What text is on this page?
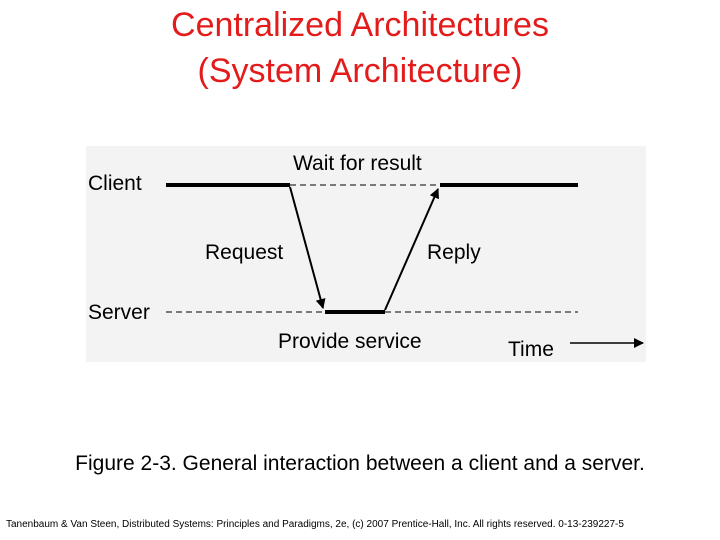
Centralized Architectures
(System Architecture)
Client
Server
Wait for result
Request	Reply
Provide service	Time
Figure 2-3. General interaction between a client and a server.
Tanenbaum & Van Steen, Distributed Systems: Principles and Paradigms, 2e, (c) 2007 Prentice-Hall, Inc. All rights reserved. 0-13-239227-5
